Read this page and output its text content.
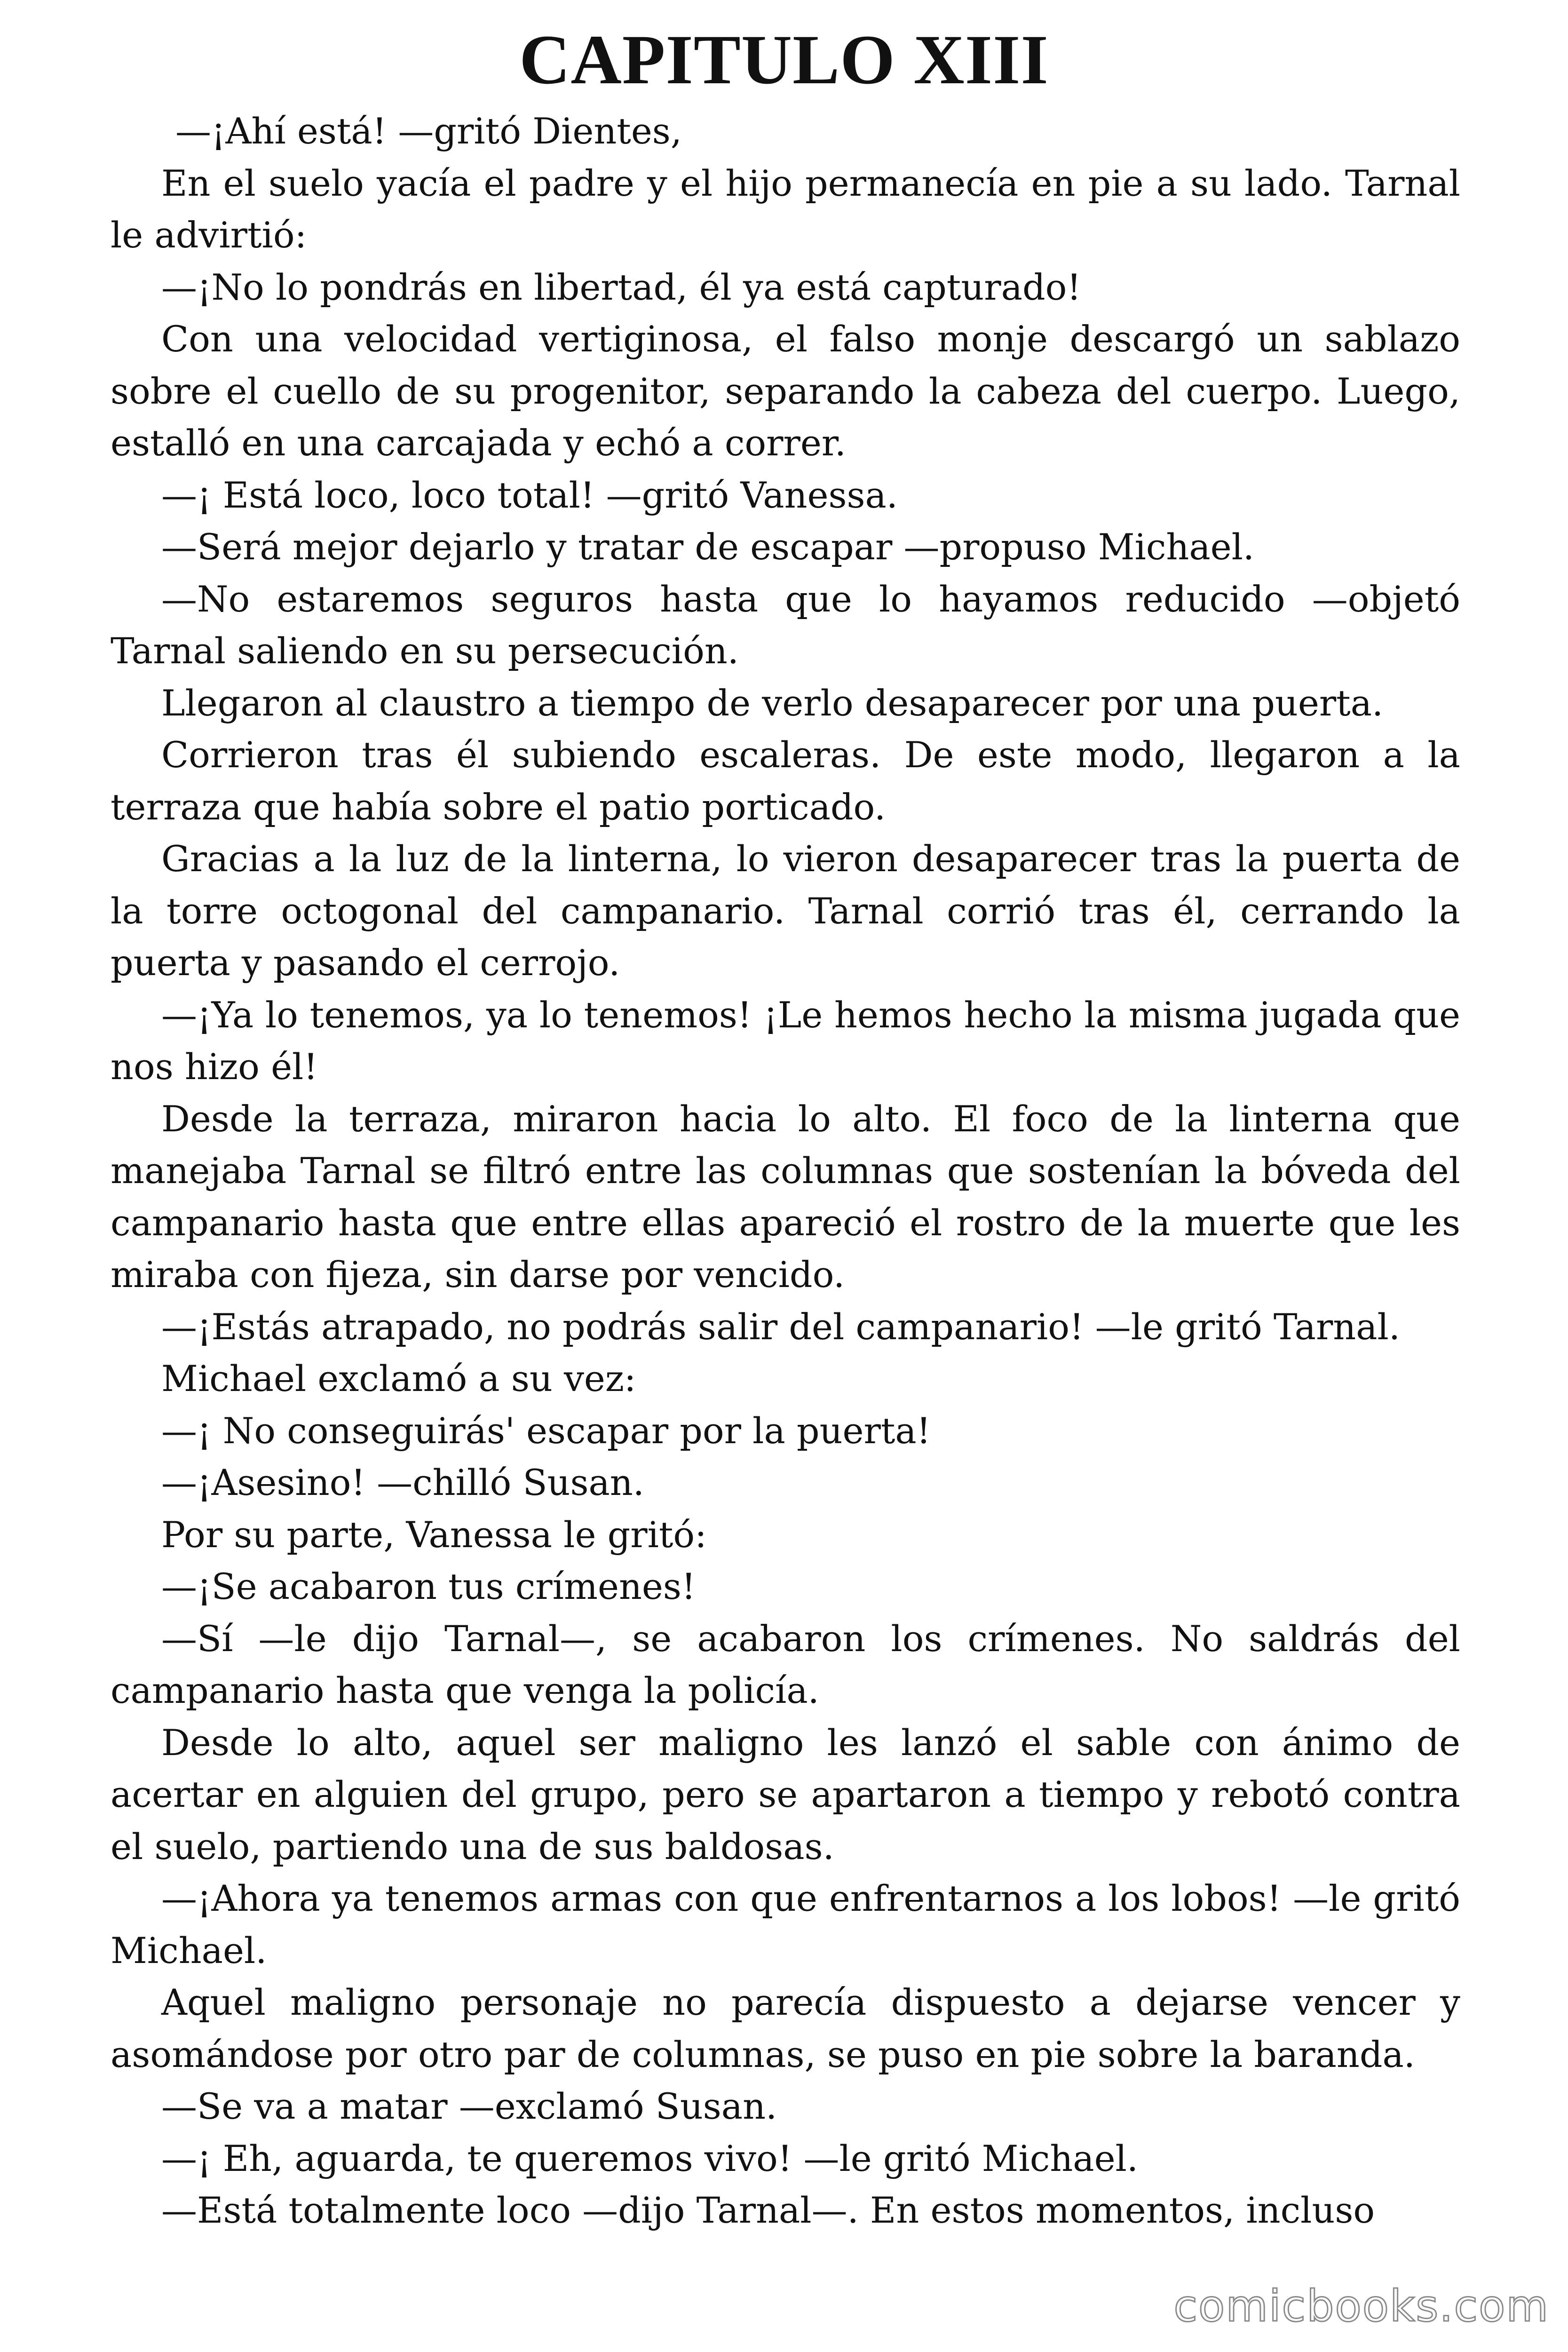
CAPITULO XIII

—¡Ahí está! —gritó Dientes,

En el suelo yacía el padre y el hijo permanecía en pie a su lado. Tarnal le advirtió:

—¡No lo pondrás en libertad, él ya está capturado!

Con una velocidad vertiginosa, el falso monje descargó un sablazo sobre el cuello de su progenitor, separando la cabeza del cuerpo. Luego, estalló en una carcajada y echó a correr.

—¡ Está loco, loco total! —gritó Vanessa.

—Será mejor dejarlo y tratar de escapar —propuso Michael.

—No estaremos seguros hasta que lo hayamos reducido —objetó Tarnal saliendo en su persecución.

Llegaron al claustro a tiempo de verlo desaparecer por una puerta.

Corrieron tras él subiendo escaleras. De este modo, llegaron a la terraza que había sobre el patio porticado.

Gracias a la luz de la linterna, lo vieron desaparecer tras la puerta de la torre octogonal del campanario. Tarnal corrió tras él, cerrando la puerta y pasando el cerrojo.

—¡Ya lo tenemos, ya lo tenemos! ¡Le hemos hecho la misma jugada que nos hizo él!

Desde la terraza, miraron hacia lo alto. El foco de la linterna que manejaba Tarnal se filtró entre las columnas que sostenían la bóveda del campanario hasta que entre ellas apareció el rostro de la muerte que les miraba con fijeza, sin darse por vencido.

—¡Estás atrapado, no podrás salir del campanario! —le gritó Tarnal.

Michael exclamó a su vez:

—¡ No conseguirás' escapar por la puerta!

—¡Asesino! —chilló Susan.

Por su parte, Vanessa le gritó:

—¡Se acabaron tus crímenes!

—Sí —le dijo Tarnal—, se acabaron los crímenes. No saldrás del campanario hasta que venga la policía.

Desde lo alto, aquel ser maligno les lanzó el sable con ánimo de acertar en alguien del grupo, pero se apartaron a tiempo y rebotó contra el suelo, partiendo una de sus baldosas.

—¡Ahora ya tenemos armas con que enfrentarnos a los lobos! —le gritó Michael.

Aquel maligno personaje no parecía dispuesto a dejarse vencer y asomándose por otro par de columnas, se puso en pie sobre la baranda.

—Se va a matar —exclamó Susan.

—¡ Eh, aguarda, te queremos vivo! —le gritó Michael.

—Está totalmente loco —dijo Tarnal—. En estos momentos, incluso

comicbooks.com
